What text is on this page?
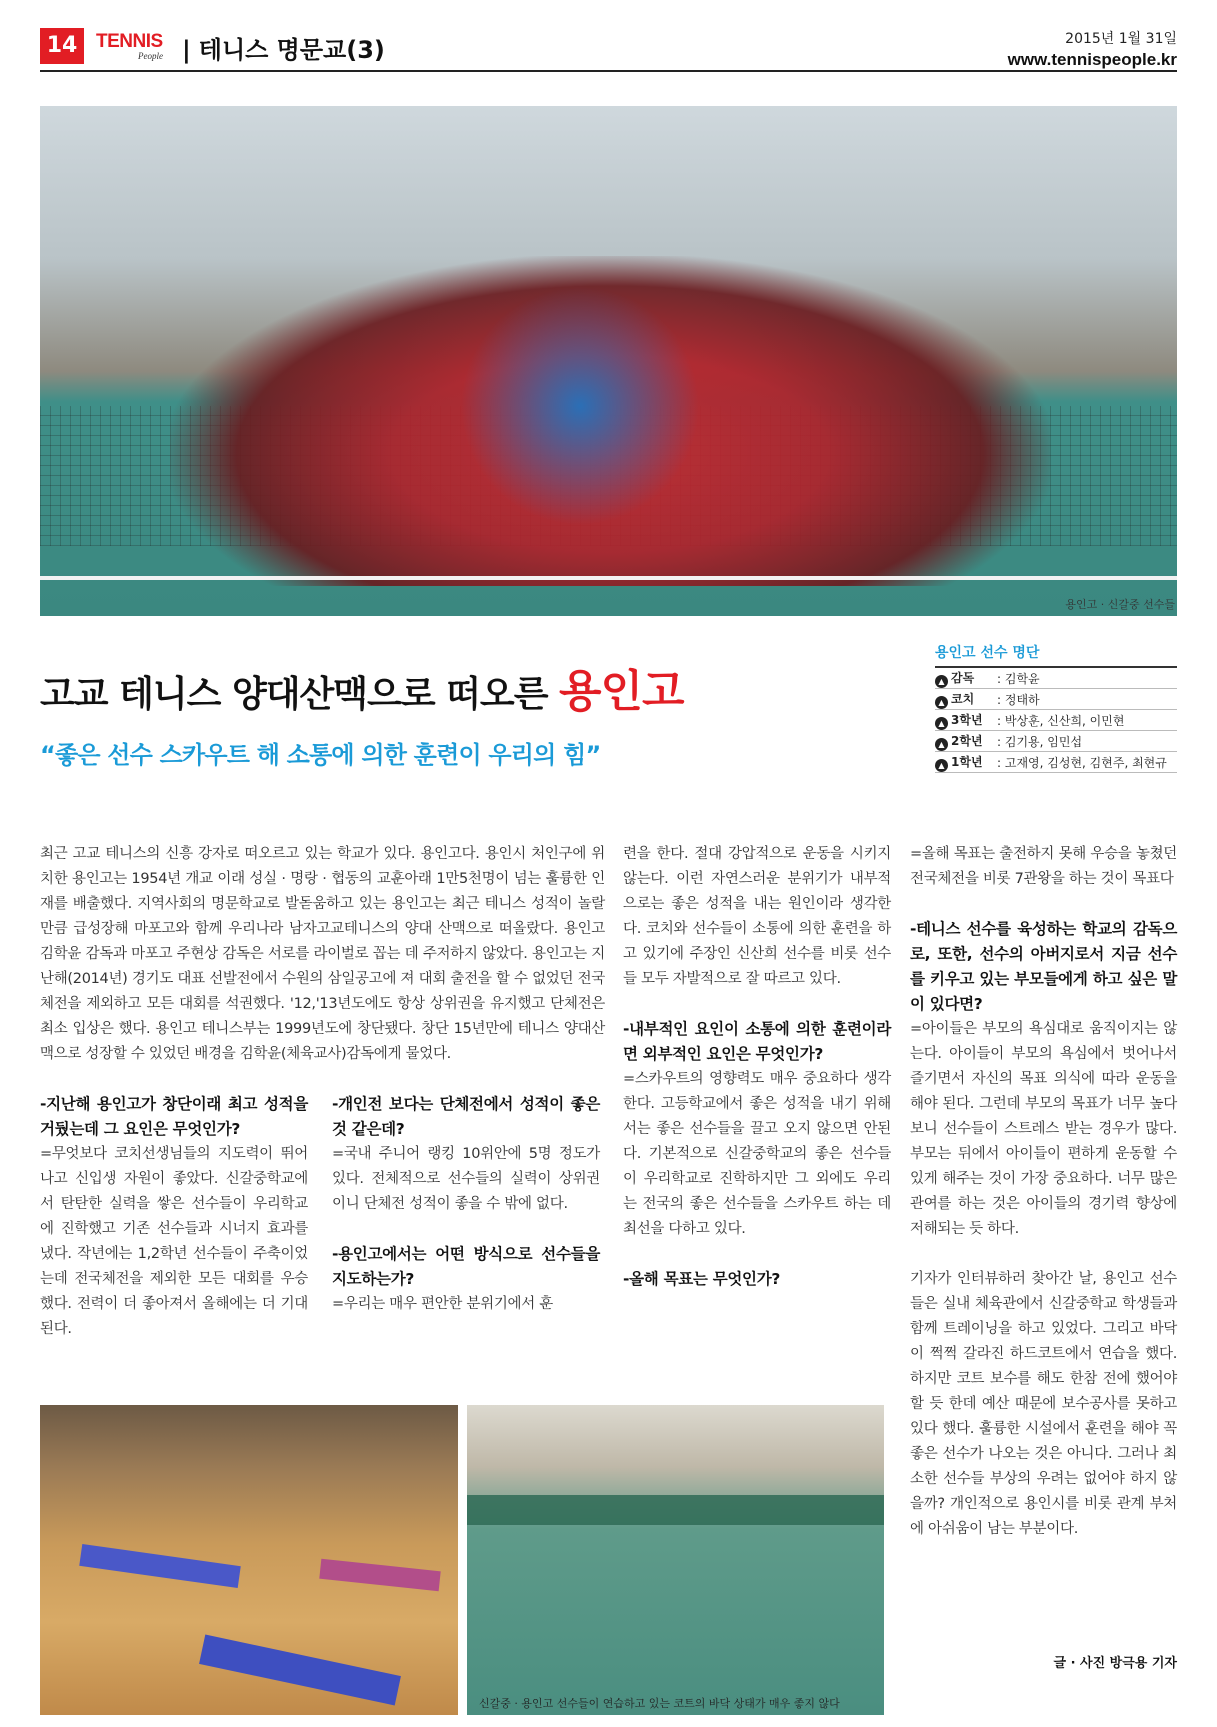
14 TENNIS
People | 테니스 명문교(3)	2015년 1월 31일
www.tennispeople.kr
용인고 · 신갈중 선수들
고교 테니스 양대산맥으로 떠오른 용인고
“좋은 선수 스카우트 해 소통에 의한 훈련이 우리의 힘”
용인고 선수 명단
▲ 감독	: 김학윤
▲ 코치	: 정태하
▲ 3학년	: 박상훈, 신산희, 이민현
▲ 2학년	: 김기용, 임민섭
▲ 1학년	: 고재영, 김성현, 김현주, 최현규

최근 고교 테니스의 신흥 강자로 떠오르고 있는 학교가 있다. 용인고다. 용인시 처인구에 위치한 용인고는 1954년 개교 이래 성실 · 명랑 · 협동의 교훈아래 1만5천명이 넘는 훌륭한 인재를 배출했다. 지역사회의 명문학교로 발돋움하고 있는 용인고는 최근 테니스 성적이 놀랄 만큼 급성장해 마포고와 함께 우리나라 남자고교테니스의 양대 산맥으로 떠올랐다. 용인고 김학윤 감독과 마포고 주현상 감독은 서로를 라이벌로 꼽는 데 주저하지 않았다. 용인고는 지난해(2014년) 경기도 대표 선발전에서 수원의 삼일공고에 져 대회 출전을 할 수 없었던 전국체전을 제외하고 모든 대회를 석권했다. '12,'13년도에도 항상 상위권을 유지했고 단체전은 최소 입상은 했다. 용인고 테니스부는 1999년도에 창단됐다. 창단 15년만에 테니스 양대산맥으로 성장할 수 있었던 배경을 김학윤(체육교사)감독에게 물었다.

-지난해 용인고가 창단이래 최고 성적을 거뒀는데 그 요인은 무엇인가?

=무엇보다 코치선생님들의 지도력이 뛰어나고 신입생 자원이 좋았다. 신갈중학교에서 탄탄한 실력을 쌓은 선수들이 우리학교에 진학했고 기존 선수들과 시너지 효과를 냈다. 작년에는 1,2학년 선수들이 주축이었는데 전국체전을 제외한 모든 대회를 우승했다. 전력이 더 좋아져서 올해에는 더 기대된다.

-개인전 보다는 단체전에서 성적이 좋은 것 같은데?

=국내 주니어 랭킹 10위안에 5명 정도가 있다. 전체적으로 선수들의 실력이 상위권이니 단체전 성적이 좋을 수 밖에 없다.

-용인고에서는 어떤 방식으로 선수들을 지도하는가?

=우리는 매우 편안한 분위기에서 훈

련을 한다. 절대 강압적으로 운동을 시키지 않는다. 이런 자연스러운 분위기가 내부적으로는 좋은 성적을 내는 원인이라 생각한다. 코치와 선수들이 소통에 의한 훈련을 하고 있기에 주장인 신산희 선수를 비롯 선수들 모두 자발적으로 잘 따르고 있다.

-내부적인 요인이 소통에 의한 훈련이라면 외부적인 요인은 무엇인가?

=스카우트의 영향력도 매우 중요하다 생각한다. 고등학교에서 좋은 성적을 내기 위해서는 좋은 선수들을 끌고 오지 않으면 안된다. 기본적으로 신갈중학교의 좋은 선수들이 우리학교로 진학하지만 그 외에도 우리는 전국의 좋은 선수들을 스카우트 하는 데 최선을 다하고 있다.

-올해 목표는 무엇인가?

=올해 목표는 출전하지 못해 우승을 놓쳤던 전국체전을 비롯 7관왕을 하는 것이 목표다

-테니스 선수를 육성하는 학교의 감독으로, 또한, 선수의 아버지로서 지금 선수를 키우고 있는 부모들에게 하고 싶은 말이 있다면?

=아이들은 부모의 욕심대로 움직이지는 않는다. 아이들이 부모의 욕심에서 벗어나서 즐기면서 자신의 목표 의식에 따라 운동을 해야 된다. 그런데 부모의 목표가 너무 높다 보니 선수들이 스트레스 받는 경우가 많다. 부모는 뒤에서 아이들이 편하게 운동할 수 있게 해주는 것이 가장 중요하다. 너무 많은 관여를 하는 것은 아이들의 경기력 향상에 저해되는 듯 하다.

기자가 인터뷰하러 찾아간 날, 용인고 선수들은 실내 체육관에서 신갈중학교 학생들과 함께 트레이닝을 하고 있었다. 그리고 바닥이 쩍쩍 갈라진 하드코트에서 연습을 했다. 하지만 코트 보수를 해도 한참 전에 했어야 할 듯 한데 예산 때문에 보수공사를 못하고 있다 했다. 훌륭한 시설에서 훈련을 해야 꼭 좋은 선수가 나오는 것은 아니다. 그러나 최소한 선수들 부상의 우려는 없어야 하지 않을까? 개인적으로 용인시를 비롯 관계 부처에 아쉬움이 남는 부분이다.

글 · 사진 방극용 기자
신갈중 · 용인고 선수들이 연습하고 있는 코트의 바닥 상태가 매우 좋지 않다
